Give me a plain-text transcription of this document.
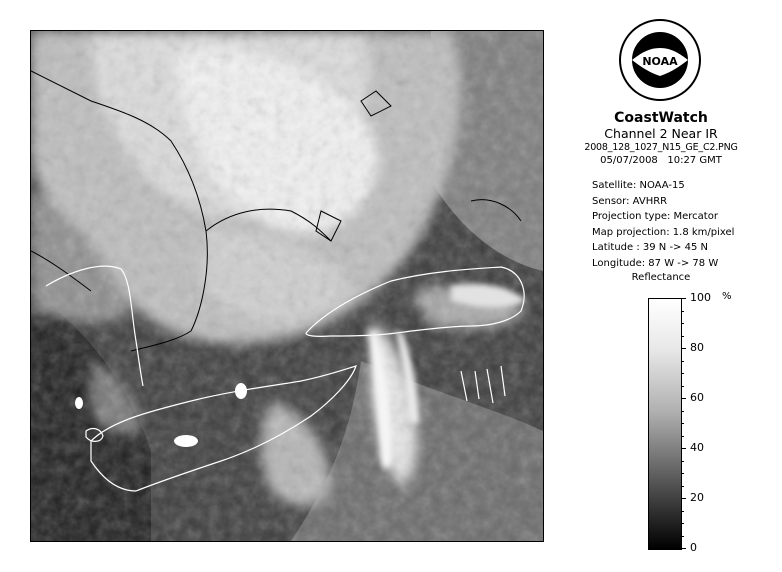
NOAA
CoastWatch
Channel 2 Near IR
2008_128_1027_N15_GE_C2.PNG
05/07/2008 10:27 GMT
Satellite: NOAA-15
Sensor: AVHRR
Projection type: Mercator
Map projection: 1.8 km/pixel
Latitude : 39 N -> 45 N
Longitude: 87 W -> 78 W
Reflectance
%
100
80
60
40
20
0
